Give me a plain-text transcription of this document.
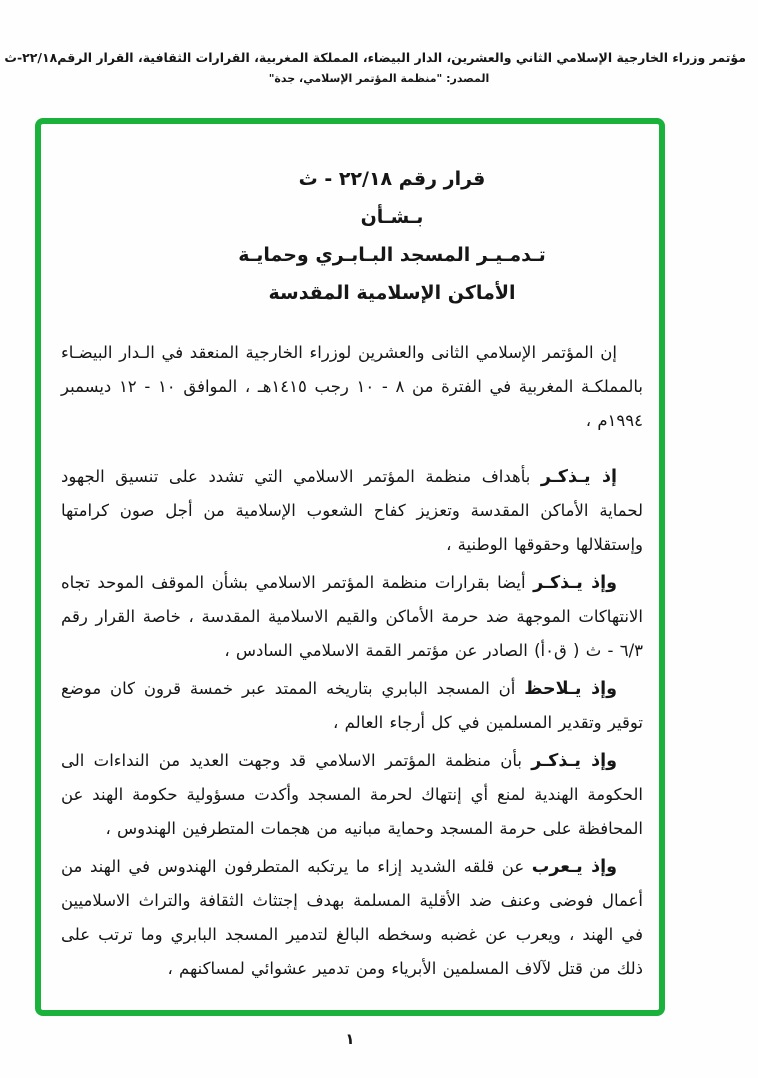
مؤتمر وزراء الخارجية الإسلامي الثاني والعشرين، الدار البيضاء، المملكة المغربية، القرارات الثقافية، القرار الرقم٢٢/١٨-ث
المصدر: "منظمة المؤتمر الإسلامي، جدة"
قرار رقم ٢٢/١٨ - ث
بـشـأن
تـدمـيـر المسجد البـابـري وحمايـة
الأماكن الإسلامية المقدسة

إن المؤتمر الإسلامي الثانى والعشرين لوزراء الخارجية المنعقد في الـدار البيضـاء بالمملكـة المغربية في الفترة من ٨ - ١٠ رجب ١٤١٥هـ ، الموافق ١٠ - ١٢ ديسمبر ١٩٩٤م ،

إذ يـذكـر بأهداف منظمة المؤتمر الاسلامي التي تشدد على تنسيق الجهود لحماية الأماكن المقدسة وتعزيز كفاح الشعوب الإسلامية من أجل صون كرامتها وإستقلالها وحقوقها الوطنية ،

وإذ يـذكـر أيضا بقرارات منظمة المؤتمر الاسلامي بشأن الموقف الموحد تجاه الانتهاكات الموجهة ضد حرمة الأماكن والقيم الاسلامية المقدسة ، خاصة القرار رقم ٦/٣ - ث ( ق٠أ) الصادر عن مؤتمر القمة الاسلامي السادس ،

وإذ يـلاحظ أن المسجد البابري بتاريخه الممتد عبر خمسة قرون كان موضع توقير وتقدير المسلمين في كل أرجاء العالم ،

وإذ يـذكـر بأن منظمة المؤتمر الاسلامي قد وجهت العديد من النداءات الى الحكومة الهندية لمنع أي إنتهاك لحرمة المسجد وأكدت مسؤولية حكومة الهند عن المحافظة على حرمة المسجد وحماية مبانيه من هجمات المتطرفين الهندوس ،

وإذ يـعرب عن قلقه الشديد إزاء ما يرتكبه المتطرفون الهندوس في الهند من أعمال فوضى وعنف ضد الأقلية المسلمة بهدف إجتثاث الثقافة والتراث الاسلاميين في الهند ، ويعرب عن غضبه وسخطه البالغ لتدمير المسجد البابري وما ترتب على ذلك من قتل لآلاف المسلمين الأبرياء ومن تدمير عشوائي لمساكنهم ،

١
